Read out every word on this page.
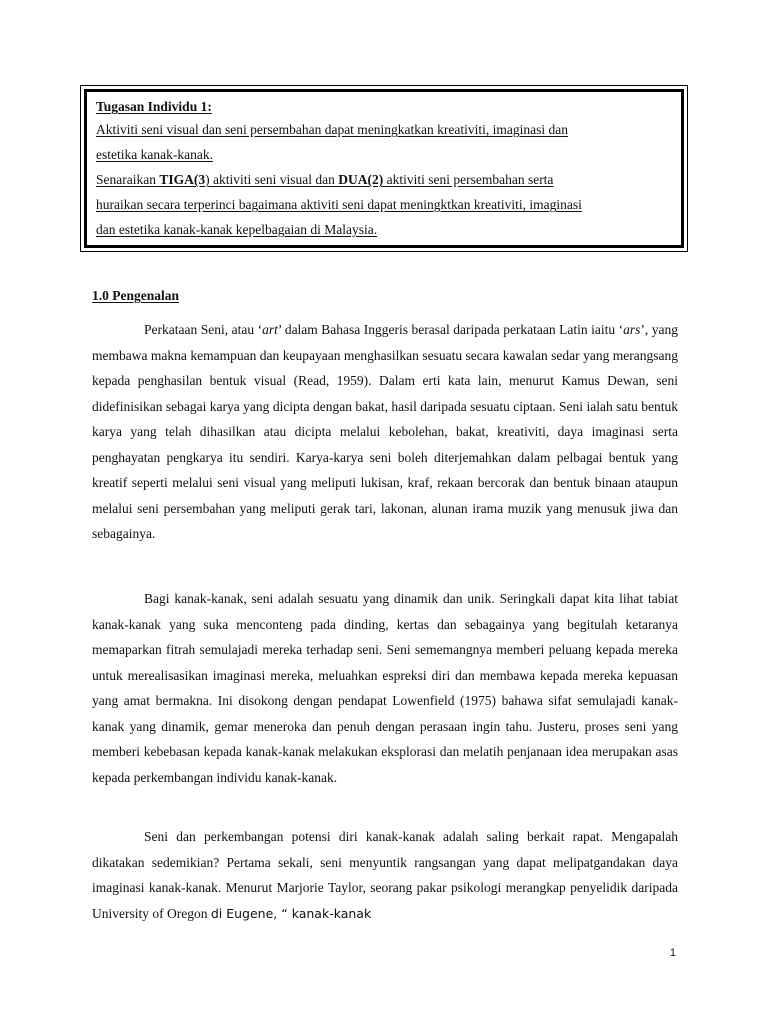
Tugasan Individu 1:
Aktiviti seni visual dan seni persembahan dapat meningkatkan kreativiti, imaginasi dan
estetika kanak-kanak.
Senaraikan TIGA(3) aktiviti seni visual dan DUA(2) aktiviti seni persembahan serta
huraikan secara terperinci bagaimana aktiviti seni dapat meningktkan kreativiti, imaginasi
dan estetika kanak-kanak kepelbagaian di Malaysia.
1.0 Pengenalan

Perkataan Seni, atau ‘art’ dalam Bahasa Inggeris berasal daripada perkataan Latin iaitu ‘ars’, yang membawa makna kemampuan dan keupayaan menghasilkan sesuatu secara kawalan sedar yang merangsang kepada penghasilan bentuk visual (Read, 1959). Dalam erti kata lain, menurut Kamus Dewan, seni didefinisikan sebagai karya yang dicipta dengan bakat, hasil daripada sesuatu ciptaan. Seni ialah satu bentuk karya yang telah dihasilkan atau dicipta melalui kebolehan, bakat, kreativiti, daya imaginasi serta penghayatan pengkarya itu sendiri. Karya-karya seni boleh diterjemahkan dalam pelbagai bentuk yang kreatif seperti melalui seni visual yang meliputi lukisan, kraf, rekaan bercorak dan bentuk binaan ataupun melalui seni persembahan yang meliputi gerak tari, lakonan, alunan irama muzik yang menusuk jiwa dan sebagainya.

Bagi kanak-kanak, seni adalah sesuatu yang dinamik dan unik. Seringkali dapat kita lihat tabiat kanak-kanak yang suka menconteng pada dinding, kertas dan sebagainya yang begitulah ketaranya memaparkan fitrah semulajadi mereka terhadap seni. Seni sememangnya memberi peluang kepada mereka untuk merealisasikan imaginasi mereka, meluahkan espreksi diri dan membawa kepada mereka kepuasan yang amat bermakna. Ini disokong dengan pendapat Lowenfield (1975) bahawa sifat semulajadi kanak-kanak yang dinamik, gemar meneroka dan penuh dengan perasaan ingin tahu. Justeru, proses seni yang memberi kebebasan kepada kanak-kanak melakukan eksplorasi dan melatih penjanaan idea merupakan asas kepada perkembangan individu kanak-kanak.

Seni dan perkembangan potensi diri kanak-kanak adalah saling berkait rapat. Mengapalah dikatakan sedemikian? Pertama sekali, seni menyuntik rangsangan yang dapat melipatgandakan daya imaginasi kanak-kanak. Menurut Marjorie Taylor, seorang pakar psikologi merangkap penyelidik daripada University of Oregon di Eugene, “ kanak-kanak

1
